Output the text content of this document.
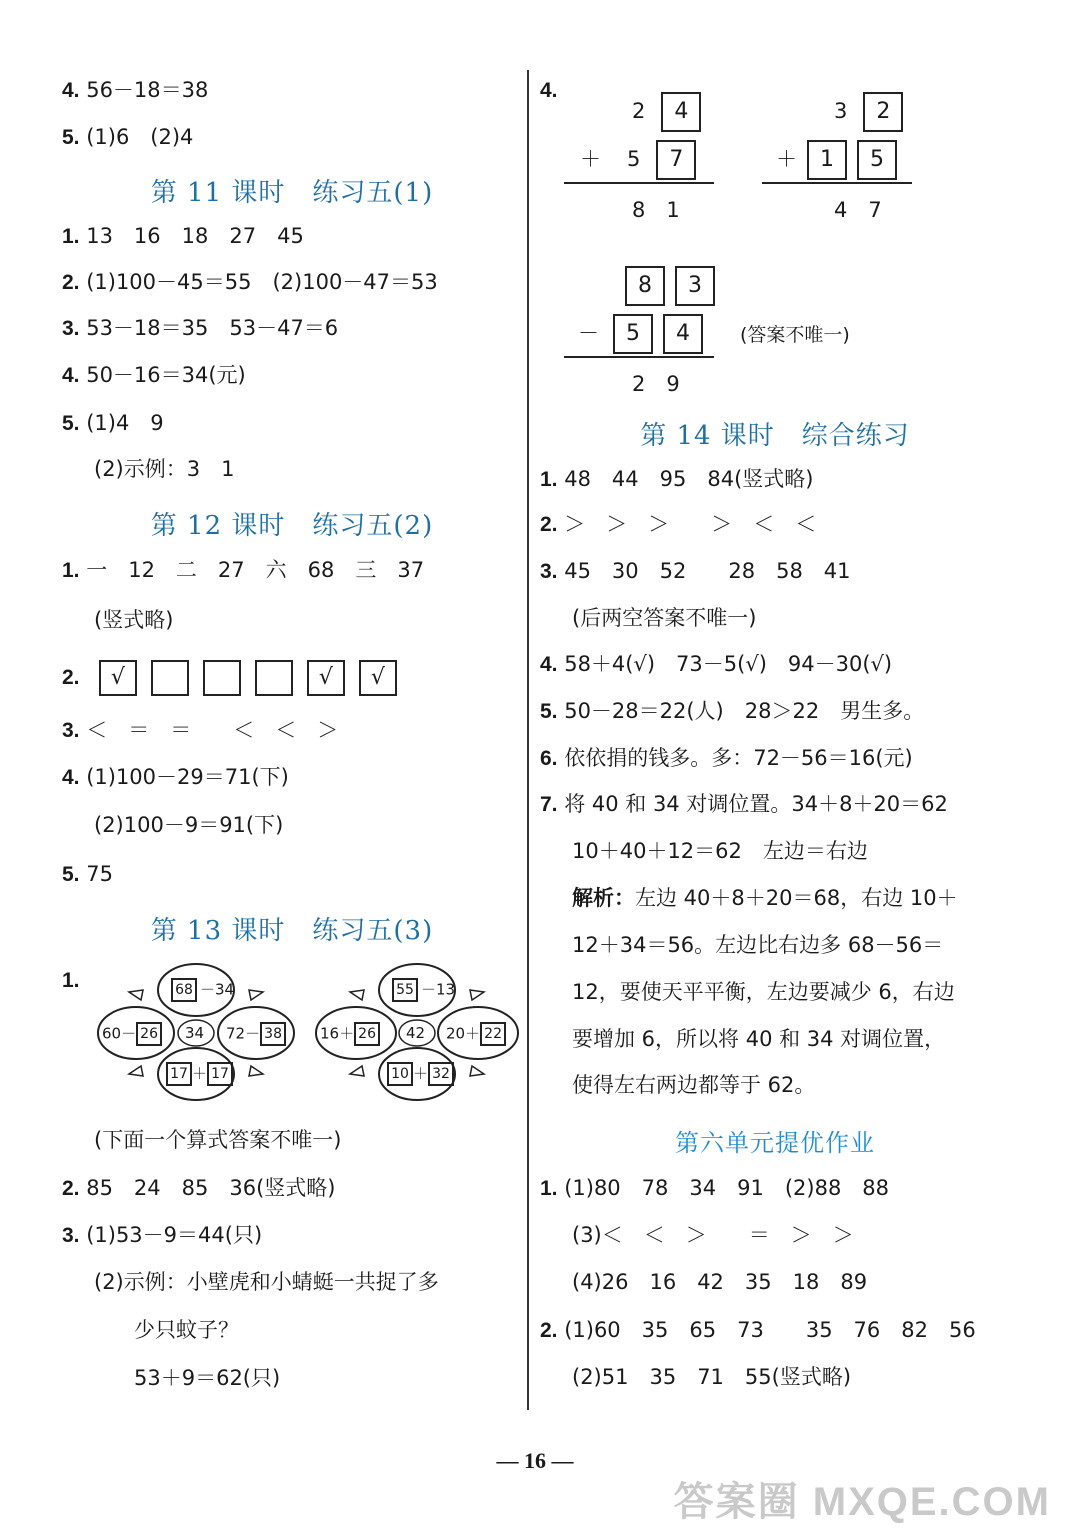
4. 56－18＝38
5. (1)6　(2)4
第 11 课时　练习五(1)
1. 13　16　18　27　45
2. (1)100－45＝55　(2)100－47＝53
3. 53－18＝35　53－47＝6
4. 50－16＝34(元)
5. (1)4　9
(2)示例：3　1
第 12 课时　练习五(2)
1. 一　12　二　27　六　68　三　37
(竖式略)
2. √	√ √
3. ＜　＝　＝　　＜　＜　＞
4. (1)100－29＝71(下)
(2)100－9＝91(下)
5. 75
第 13 课时　练习五(3)
1.	68 －34
34
60－ 26	72－ 38
17 ＋ 17
55 －13
42
16＋ 26	20＋ 22
10 ＋ 32
(下面一个算式答案不唯一)
2. 85　24　85　36(竖式略)
3. (1)53－9＝44(只)
(2)示例：小壁虎和小蜻蜓一共捉了多
少只蚊子？
53＋9＝62(只)
4.
2 4
＋ 5 7
8　1
3 2
＋ 1 5
4　7
8 3
－ 5 4	(答案不唯一)
2　9
第 14 课时　综合练习
1. 48　44　95　84(竖式略)
2. ＞　＞　＞　　＞　＜　＜
3. 45　30　52　　28　58　41
(后两空答案不唯一)
4. 58＋4(√)　73－5(√)　94－30(√)
5. 50－28＝22(人)　28＞22　男生多。
6. 依依捐的钱多。多：72－56＝16(元)
7. 将 40 和 34 对调位置。34＋8＋20＝62
10＋40＋12＝62　左边＝右边
解析：左边 40＋8＋20＝68，右边 10＋
12＋34＝56。左边比右边多 68－56＝
12，要使天平平衡，左边要减少 6，右边
要增加 6，所以将 40 和 34 对调位置，
使得左右两边都等于 62。
第六单元提优作业
1. (1)80　78　34　91　(2)88　88
(3)＜　＜　＞　　＝　＞　＞
(4)26　16　42　35　18　89
2. (1)60　35　65　73　　35　76　82　56
(2)51　35　71　55(竖式略)
— 16 —
答案圈 MXQE.COM
